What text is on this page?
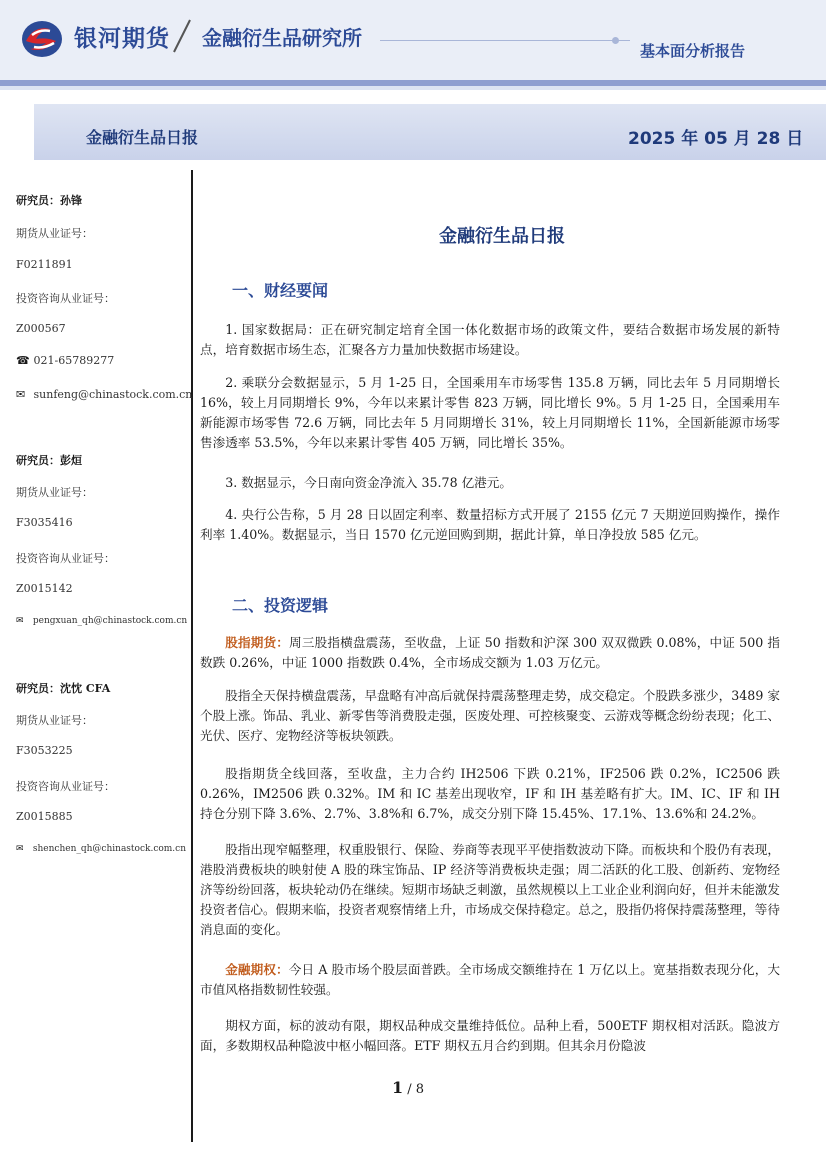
银河期货 金融衍生品研究所
基本面分析报告
金融衍生品日报	2025 年 05 月 28 日
研究员：孙锋
期货从业证号：
F0211891
投资咨询从业证号：
Z000567
☎ 021-65789277
✉ sunfeng@chinastock.com.cn
研究员：彭烜
期货从业证号：
F3035416
投资咨询从业证号：
Z0015142
✉ pengxuan_qh@chinastock.com.cn
研究员：沈忱 CFA
期货从业证号：
F3053225
投资咨询从业证号：
Z0015885
✉ shenchen_qh@chinastock.com.cn
金融衍生品日报
一、财经要闻

1. 国家数据局：正在研究制定培育全国一体化数据市场的政策文件，要结合数据市场发展的新特点，培育数据市场生态，汇聚各方力量加快数据市场建设。

2. 乘联分会数据显示，5 月 1-25 日，全国乘用车市场零售 135.8 万辆，同比去年 5 月同期增长 16%，较上月同期增长 9%，今年以来累计零售 823 万辆，同比增长 9%。5 月 1-25 日，全国乘用车新能源市场零售 72.6 万辆，同比去年 5 月同期增长 31%，较上月同期增长 11%，全国新能源市场零售渗透率 53.5%，今年以来累计零售 405 万辆，同比增长 35%。

3. 数据显示，今日南向资金净流入 35.78 亿港元。

4. 央行公告称，5 月 28 日以固定利率、数量招标方式开展了 2155 亿元 7 天期逆回购操作，操作利率 1.40%。数据显示，当日 1570 亿元逆回购到期，据此计算，单日净投放 585 亿元。

二、投资逻辑

股指期货：周三股指横盘震荡，至收盘，上证 50 指数和沪深 300 双双微跌 0.08%，中证 500 指数跌 0.26%，中证 1000 指数跌 0.4%，全市场成交额为 1.03 万亿元。

股指全天保持横盘震荡，早盘略有冲高后就保持震荡整理走势，成交稳定。个股跌多涨少，3489 家个股上涨。饰品、乳业、新零售等消费股走强，医废处理、可控核聚变、云游戏等概念纷纷表现；化工、光伏、医疗、宠物经济等板块领跌。

股指期货全线回落，至收盘，主力合约 IH2506 下跌 0.21%，IF2506 跌 0.2%，IC2506 跌 0.26%，IM2506 跌 0.32%。IM 和 IC 基差出现收窄，IF 和 IH 基差略有扩大。IM、IC、IF 和 IH 持仓分别下降 3.6%、2.7%、3.8%和 6.7%，成交分别下降 15.45%、17.1%、13.6%和 24.2%。

股指出现窄幅整理，权重股银行、保险、券商等表现平平使指数波动下降。而板块和个股仍有表现，港股消费板块的映射使 A 股的珠宝饰品、IP 经济等消费板块走强；周二活跃的化工股、创新药、宠物经济等纷纷回落，板块轮动仍在继续。短期市场缺乏刺激，虽然规模以上工业企业利润向好，但并未能激发投资者信心。假期来临，投资者观察情绪上升，市场成交保持稳定。总之，股指仍将保持震荡整理，等待消息面的变化。

金融期权：今日 A 股市场个股层面普跌。全市场成交额维持在 1 万亿以上。宽基指数表现分化，大市值风格指数韧性较强。

期权方面，标的波动有限，期权品种成交量维持低位。品种上看，500ETF 期权相对活跃。隐波方面，多数期权品种隐波中枢小幅回落。ETF 期权五月合约到期。但其余月份隐波

1 / 8
